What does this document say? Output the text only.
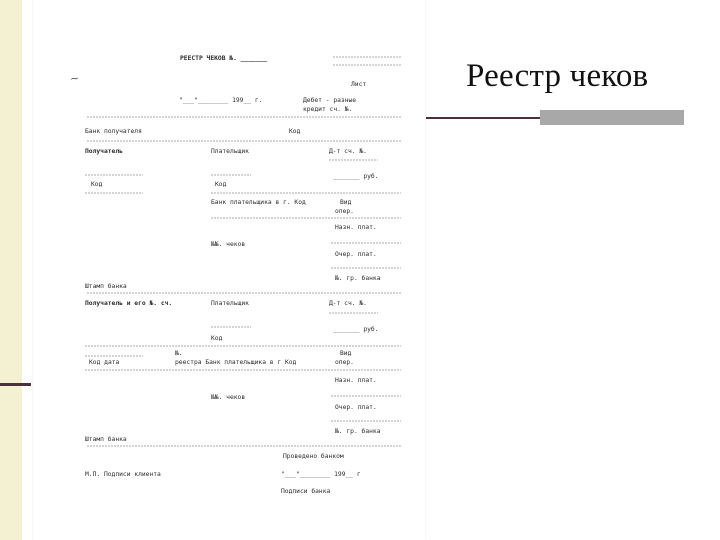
РЕЕСТР ЧЕКОВ №. _______
Лист
"___"________ 199__ г.	Дебет - разные
кредит сч. №.
Банк получателя	Код
Получатель	Плательщик	Д-т сч. №.
_______ руб.
Код	Код
Банк плательщика в г. Код	Вид
опер.
Назн. плат.
№№. чеков
Очер. плат.
№. гр. банка
Штамп банка
Получатель и его №. сч.	Плательщик	Д-т сч. №.
_______ руб.
Код
№.	Вид
Код дата	реестра Банк плательщика в г Код	опер.
Назн. плат.
№№. чеков
Очер. плат.
№. гр. банка
Штамп банка
Проведено банком
М.П. Подписи клиента	"___"________ 199__ г
Подписи банка
~	Реестр чеков
